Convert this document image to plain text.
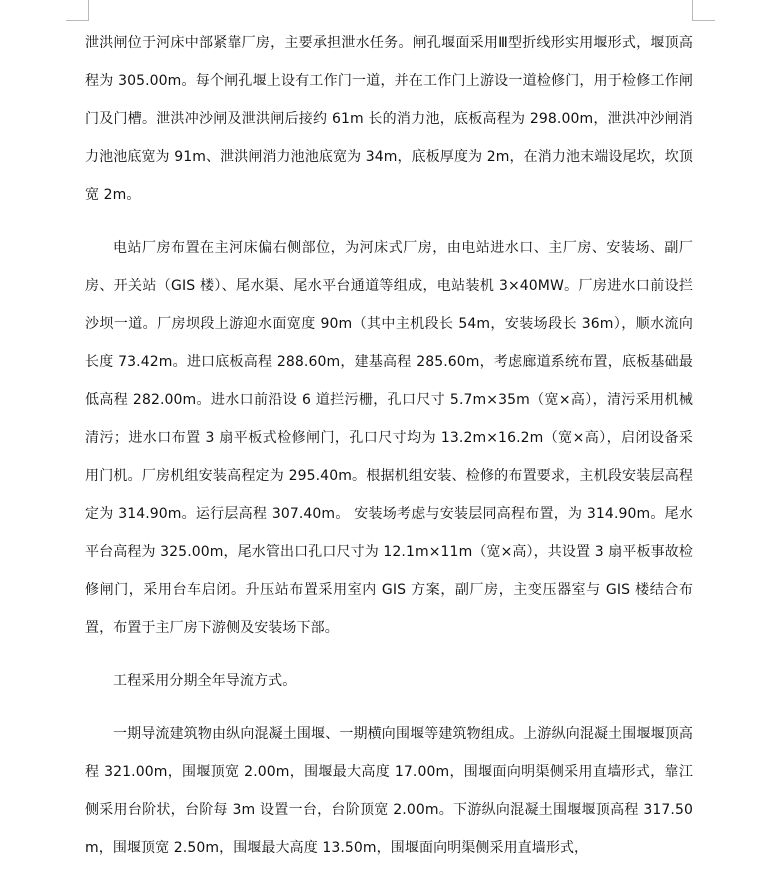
泄洪闸位于河床中部紧靠厂房，主要承担泄水任务。闸孔堰面采用Ⅲ型折线形实用堰形式，堰顶高程为 305.00m。每个闸孔堰上设有工作门一道，并在工作门上游设一道检修门，用于检修工作闸门及门槽。泄洪冲沙闸及泄洪闸后接约 61m 长的消力池，底板高程为 298.00m，泄洪冲沙闸消力池池底宽为 91m、泄洪闸消力池池底宽为 34m，底板厚度为 2m，在消力池末端设尾坎，坎顶宽 2m。

电站厂房布置在主河床偏右侧部位，为河床式厂房，由电站进水口、主厂房、安装场、副厂房、开关站（GIS 楼）、尾水渠、尾水平台通道等组成，电站装机 3×40MW。厂房进水口前设拦沙坝一道。厂房坝段上游迎水面宽度 90m（其中主机段长 54m，安装场段长 36m），顺水流向长度 73.42m。进口底板高程 288.60m，建基高程 285.60m，考虑廊道系统布置，底板基础最低高程 282.00m。进水口前沿设 6 道拦污栅，孔口尺寸 5.7m×35m（宽×高），清污采用机械清污；进水口布置 3 扇平板式检修闸门，孔口尺寸均为 13.2m×16.2m（宽×高），启闭设备采用门机。厂房机组安装高程定为 295.40m。根据机组安装、检修的布置要求，主机段安装层高程定为 314.90m。运行层高程 307.40m。 安装场考虑与安装层同高程布置，为 314.90m。尾水平台高程为 325.00m，尾水管出口孔口尺寸为 12.1m×11m（宽×高），共设置 3 扇平板事故检修闸门，采用台车启闭。升压站布置采用室内 GIS 方案，副厂房，主变压器室与 GIS 楼结合布置，布置于主厂房下游侧及安装场下部。

工程采用分期全年导流方式。

一期导流建筑物由纵向混凝土围堰、一期横向围堰等建筑物组成。上游纵向混凝土围堰堰顶高程 321.00m，围堰顶宽 2.00m，围堰最大高度 17.00m，围堰面向明渠侧采用直墙形式，靠江侧采用台阶状，台阶每 3m 设置一台，台阶顶宽 2.00m。下游纵向混凝土围堰堰顶高程 317.50m，围堰顶宽 2.50m，围堰最大高度 13.50m，围堰面向明渠侧采用直墙形式，
